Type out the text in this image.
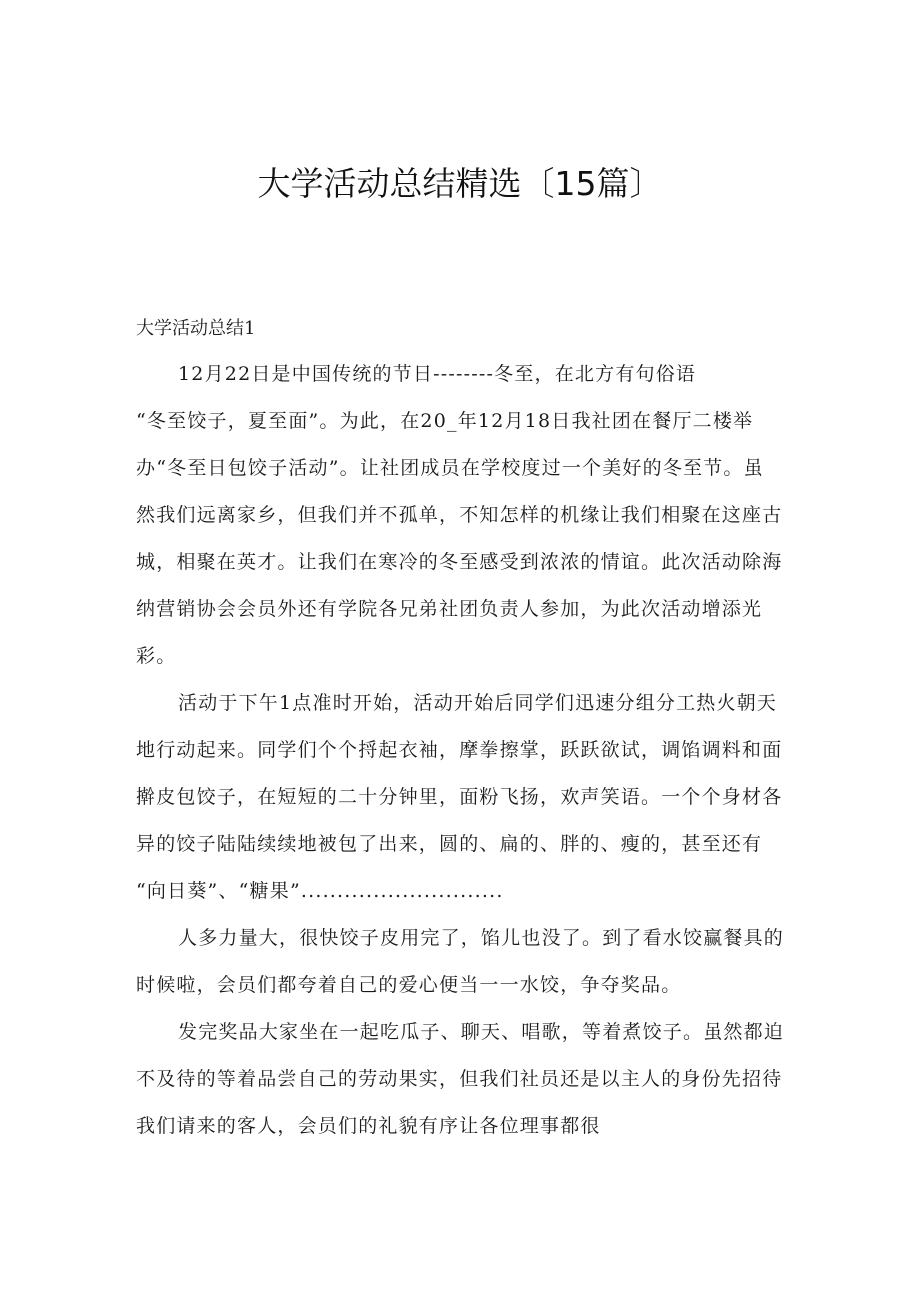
大学活动总结精选〔15篇〕

大学活动总结1

12月22日是中国传统的节日--------冬至，在北方有句俗语
“冬至饺子，夏至面”。为此，在20_年12月18日我社团在餐厅二楼举
办“冬至日包饺子活动”。让社团成员在学校度过一个美好的冬至节。虽
然我们远离家乡，但我们并不孤单，不知怎样的机缘让我们相聚在这座古
城，相聚在英才。让我们在寒冷的冬至感受到浓浓的情谊。此次活动除海
纳营销协会会员外还有学院各兄弟社团负责人参加，为此次活动增添光
彩。
活动于下午1点准时开始，活动开始后同学们迅速分组分工热火朝天
地行动起来。同学们个个捋起衣袖，摩拳擦掌，跃跃欲试，调馅调料和面
擀皮包饺子，在短短的二十分钟里，面粉飞扬，欢声笑语。一个个身材各
异的饺子陆陆续续地被包了出来，圆的、扁的、胖的、瘦的，甚至还有
“向日葵”、“糖果”............................
人多力量大，很快饺子皮用完了，馅儿也没了。到了看水饺赢餐具的
时候啦，会员们都夸着自己的爱心便当一一水饺，争夺奖品。
发完奖品大家坐在一起吃瓜子、聊天、唱歌，等着煮饺子。虽然都迫
不及待的等着品尝自己的劳动果实，但我们社员还是以主人的身份先招待
我们请来的客人，会员们的礼貌有序让各位理事都很
